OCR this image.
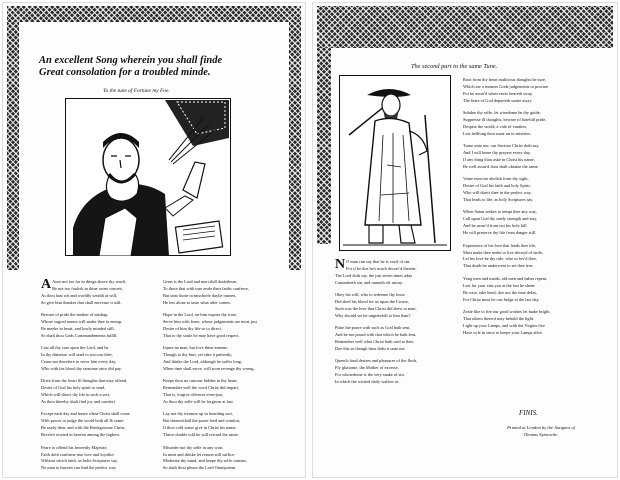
An excellent Song wherein you shall finde
Great consolation for a troubled minde.
To the tune of Fortune my Foe.
A Ause not too far in things above thy reach,
Be not too foolish in thine owne conceit,
As thou hast wit and worldly wealth at will,
So give him thankes that shall encrease it still.
Beware of pride the mother of mishap,
Whose sugred snares will snake thee to entrap,
Be meeke in heart, and lowly minded still,
So shalt thou Gods Commandements fulfill.
Cast all thy care upon the Lord, and be
In thy distresse will send to succour thee,
Cease not therefore to serve him every day,
Who with his blood thy ransome once did pay.
Drive from thy heart ill thoughts that may offend,
Desire of God his holy spirit to send,
Which will direct thy life in such a sort,
As thou thereby shalt find joy and comfort.
Except each day and houre when Christ shall come
With power to judge the world both all & some:
Be ready then, and with the Bridegroome Christ,
Receive reward in heaven among the highest.
Feare to offend his heavenly Majestie,
Faith doth confirme true love and loyaltie:
Without which faith, as holie Scriptures say,
No man to heaven can find the perfect way.
Great is the Lord and mercifull doubtlesse,
To those that with true zeale their faults confesse,
But unto those in mischiefe daylie runnes,
He lets alone to taste what after comes.
Hope in the Lord, on him expose thy trust,
Serve him with feare, whose judgements are most just
Desire of him thy life so to direct,
That to thy soule he may have good respect.
Injure no man, but love thine enemie,
Though to thy hurt, yet take it patiently,
And thinke the Lord, although he suffer long,
When time shall serve, will soon revenge thy wrong.
Keepe thou no rancour hidden in thy heart,
Remember well the word Christ did impart,
That is, forgive offences even-just,
As thou thy selfe will be forgiven at last.
Lay not thy treasure up in hoarding sort,
But therewithall the poore feed and comfort,
If thou cold water give in Christ his name,
Thrice double told he will reward the same.
Misorder not thy selfe in any wise,
In meat and drinke let reason still suffice:
Moderate thy mind, and keepe thy selfe content,
So shalt thou please the Lord Omnipotent.
The second part to the same Tune.
Root from thy heart malicious thoughts be sure,
Which are a meanes Gods judgements to procure
For be assur'd when envie beareth sway,
The feare of God departeth soone away.
Subdue thy selfe, let wisedome be thy guide,
Suppresse ill thoughts, beware of hatefull pride,
Despise the world, a vale of vanities,
Lest hellfong thou runst on in miseries.
Turne unto me, our Saviour Christ doth say,
And I will heare thy prayers every day,
If any thing thou aske in Christ his name,
Be well assur'd thou shalt obtaine the same.
Vaine exercise abolish from thy sight,
Desire of God his faith and holy Spirit,
Who will direct thee in the perfect way,
That leads to life, as holy Scriptures say.
When Satan seekes to tempt thee any way,
Call upon God thy onely strength and stay,
And be assur'd from out his holy hill
He will preserve thy life from danger still.
Experience of his love that lends thee life,
Must make thee seeke to live devoyd of strife,
Let his love be thy rule, who so lov'd thee,
That death he underwent to set thee free.
Yong men and maids, old men and babes repent,
Lest for your sins you at the last be shent:
Be wise, take heed, doe not the time delay,
For Christ must be our Judge at the last day.
Zeale like to fire our good workes let make bright,
That others thereof may behold the light:
Light up your Lamps, and with the Virgins five
Have oyle in store to keepe your Lamps alive.
N O man can say that he is voyd of sin,
For if he doe he's much deceiv'd therein:
The Lord doth say, the just seven times aday
Committeth sin, and runneth oft astray.
Obey his will, who to redeeme thy losse
Did shed his blood for us upon the Crosse,
Such was the love that Christ did shew to man,
Why should we be ungratefull to him than?
Pittie the poore with such as God hath sent,
And be not proud with that which he hath lent,
Remember well what Christ hath said to thee,
Doe this as though thou didst it unto me.
Quench fond desires and pleasures of the flesh,
Fly gluttonie, the Mother of excesse,
For whoredome is the very snake of sin,
In which the wicked daily wallow in.
FINIS.
Printed at London by the Assignes of
Thomas Symcocke.
